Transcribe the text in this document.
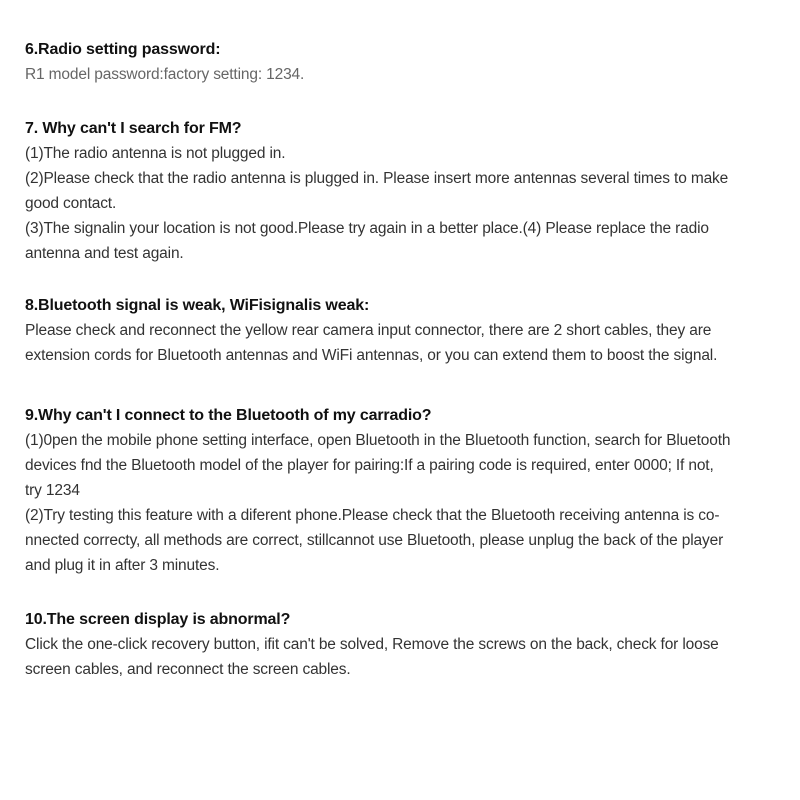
6.Radio setting password:
R1 model password:factory setting: 1234.
7. Why can't I search for FM?
(1)The radio antenna is not plugged in.
(2)Please check that the radio antenna is plugged in. Please insert more antennas several times to make
good contact.
(3)The signalin your location is not good.Please try again in a better place.(4) Please replace the radio
antenna and test again.
8.Bluetooth signal is weak, WiFisignalis weak:
Please check and reconnect the yellow rear camera input connector, there are 2 short cables, they are
extension cords for Bluetooth antennas and WiFi antennas, or you can extend them to boost the signal.
9.Why can't I connect to the Bluetooth of my carradio?
(1)0pen the mobile phone setting interface, open Bluetooth in the Bluetooth function, search for Bluetooth
devices fnd the Bluetooth model of the player for pairing:If a pairing code is required, enter 0000; If not,
try 1234
(2)Try testing this feature with a diferent phone.Please check that the Bluetooth receiving antenna is co-
nnected correcty, all methods are correct, stillcannot use Bluetooth, please unplug the back of the player
and plug it in after 3 minutes.
10.The screen display is abnormal?
Click the one-click recovery button, ifit can't be solved, Remove the screws on the back, check for loose
screen cables, and reconnect the screen cables.
